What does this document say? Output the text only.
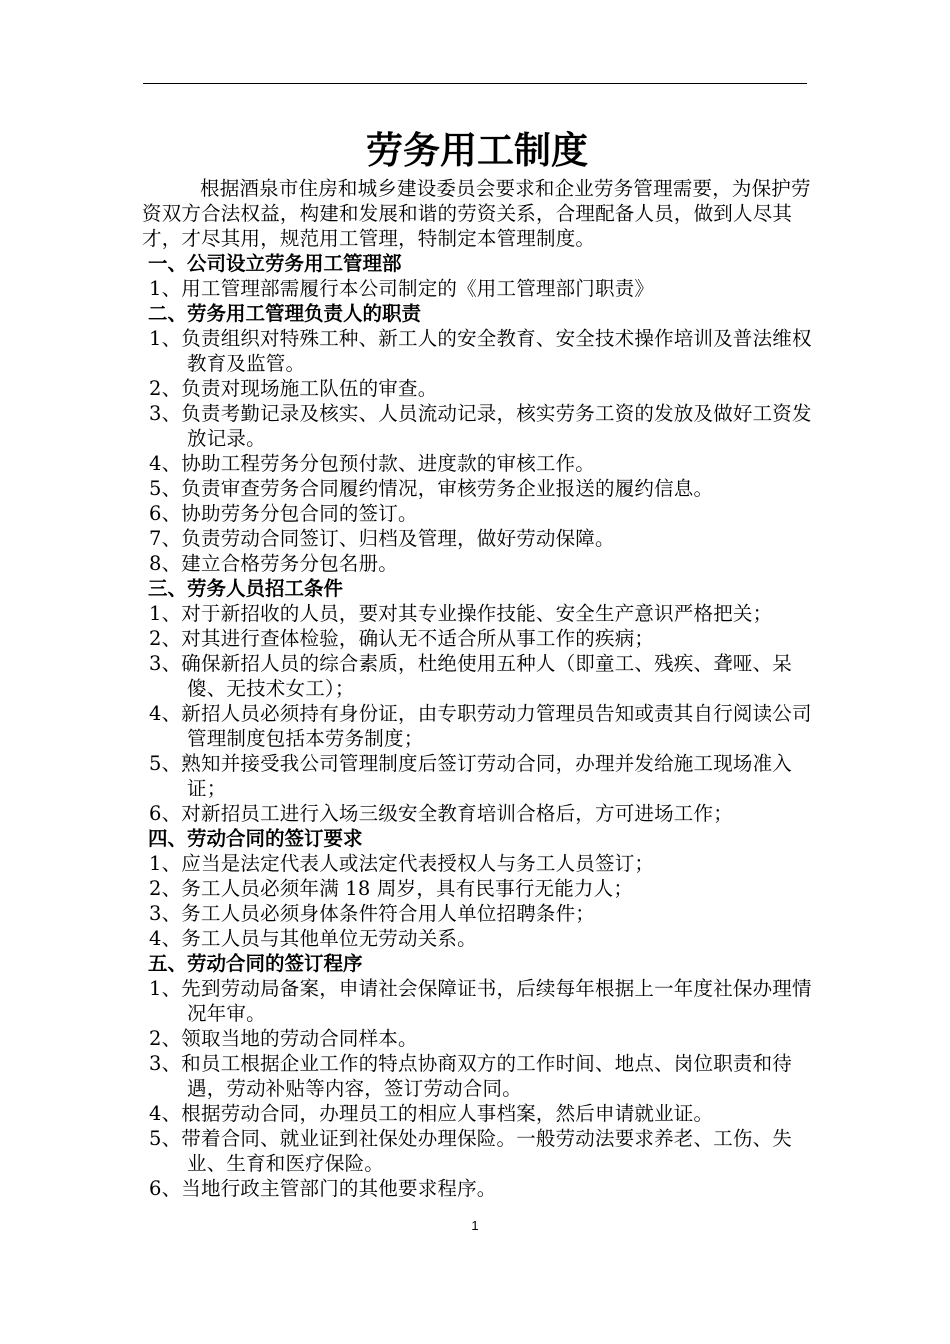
劳务用工制度

根据酒泉市住房和城乡建设委员会要求和企业劳务管理需要，为保护劳资双方合法权益，构建和发展和谐的劳资关系，合理配备人员，做到人尽其才，才尽其用，规范用工管理，特制定本管理制度。

一、公司设立劳务用工管理部

1、用工管理部需履行本公司制定的《用工管理部门职责》

二、劳务用工管理负责人的职责

1、负责组织对特殊工种、新工人的安全教育、安全技术操作培训及普法维权教育及监管。

2、负责对现场施工队伍的审查。

3、负责考勤记录及核实、人员流动记录，核实劳务工资的发放及做好工资发放记录。

4、协助工程劳务分包预付款、进度款的审核工作。

5、负责审查劳务合同履约情况，审核劳务企业报送的履约信息。

6、协助劳务分包合同的签订。

7、负责劳动合同签订、归档及管理，做好劳动保障。

8、建立合格劳务分包名册。

三、劳务人员招工条件

1、对于新招收的人员，要对其专业操作技能、安全生产意识严格把关；

2、对其进行查体检验，确认无不适合所从事工作的疾病；

3、确保新招人员的综合素质，杜绝使用五种人（即童工、残疾、聋哑、呆傻、无技术女工）；

4、新招人员必须持有身份证，由专职劳动力管理员告知或责其自行阅读公司管理制度包括本劳务制度；

5、熟知并接受我公司管理制度后签订劳动合同，办理并发给施工现场准入证；

6、对新招员工进行入场三级安全教育培训合格后，方可进场工作；

四、劳动合同的签订要求

1、应当是法定代表人或法定代表授权人与务工人员签订；

2、务工人员必须年满 18 周岁，具有民事行无能力人；

3、务工人员必须身体条件符合用人单位招聘条件；

4、务工人员与其他单位无劳动关系。

五、劳动合同的签订程序

1、先到劳动局备案，申请社会保障证书，后续每年根据上一年度社保办理情况年审。

2、领取当地的劳动合同样本。

3、和员工根据企业工作的特点协商双方的工作时间、地点、岗位职责和待遇，劳动补贴等内容，签订劳动合同。

4、根据劳动合同，办理员工的相应人事档案，然后申请就业证。

5、带着合同、就业证到社保处办理保险。一般劳动法要求养老、工伤、失业、生育和医疗保险。

6、当地行政主管部门的其他要求程序。

1
